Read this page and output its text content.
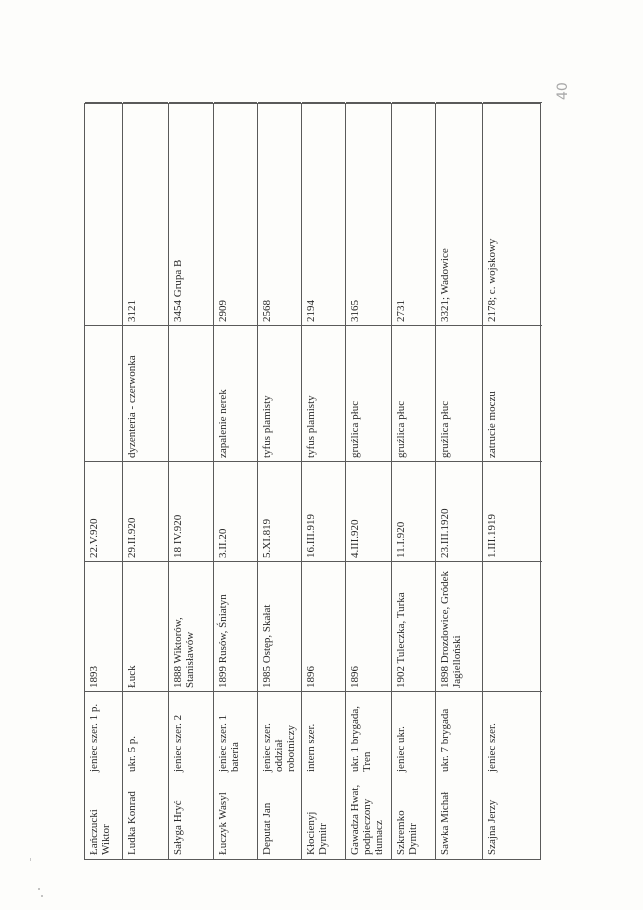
40
Łańczucki Wiktor
jeniec szer. 1 p.
1893
22.V.920
Ludka Konrad
ukr. 5 p.
Łuck
29.II.920
dyzenteria - czerwonka
3121
Sałyga Hryć
jeniec szer. 2
1888 Wiktorów, Stanisławów
18 IV.920
3454 Grupa B
Łuczyk Wasyl
jeniec szer. 1 bateria
1899 Rusów, Śniatyn
3.II.20
zapalenie nerek
2909
Deputat Jan
jeniec szer. oddział robotniczy
1985 Ostęp, Skałat
5.XI.819
tyfus plamisty
2568
Kłocienyj Dymitr
intern szer.
1896
16.III.919
tyfus plamisty
2194
Gawadza Hwat, podpieczony tłumacz
ukr. 1 brygada, Tren
1896
4.III.920
gruźlica płuc
3165
Szkremko Dymitr
jeniec ukr.
1902 Tuleczka, Turka
11.I.920
gruźlica płuc
2731
Sawka Michał
ukr. 7 brygada
1898 Drozdowice, Gródek Jagielloński
23.III.1920
gruźlica płuc
3321; Wadowice
Szajna Jerzy
jeniec szer.
1.III.1919
zatrucie moczu
2178; c. wojskowy
